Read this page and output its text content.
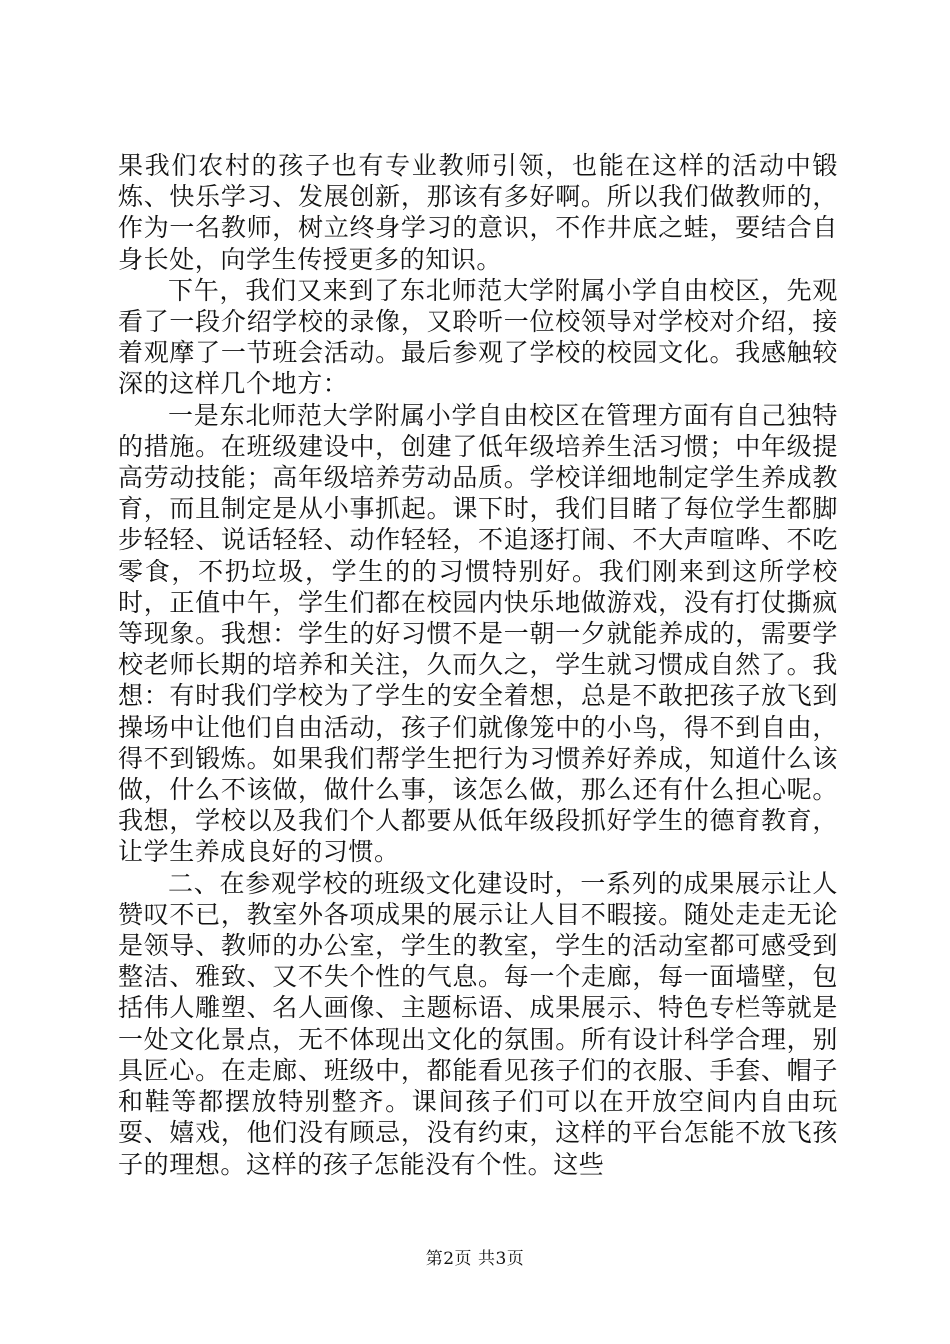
果我们农村的孩子也有专业教师引领，也能在这样的活动中锻炼、快乐学习、发展创新，那该有多好啊。所以我们做教师的，作为一名教师，树立终身学习的意识，不作井底之蛙，要结合自身长处，向学生传授更多的知识。

下午，我们又来到了东北师范大学附属小学自由校区，先观看了一段介绍学校的录像，又聆听一位校领导对学校对介绍，接着观摩了一节班会活动。最后参观了学校的校园文化。我感触较深的这样几个地方：

一是东北师范大学附属小学自由校区在管理方面有自己独特的措施。在班级建设中，创建了低年级培养生活习惯；中年级提高劳动技能；高年级培养劳动品质。学校详细地制定学生养成教育，而且制定是从小事抓起。课下时，我们目睹了每位学生都脚步轻轻、说话轻轻、动作轻轻，不追逐打闹、不大声喧哗、不吃零食，不扔垃圾，学生的的习惯特别好。我们刚来到这所学校时，正值中午，学生们都在校园内快乐地做游戏，没有打仗撕疯等现象。我想：学生的好习惯不是一朝一夕就能养成的，需要学校老师长期的培养和关注，久而久之，学生就习惯成自然了。我想：有时我们学校为了学生的安全着想，总是不敢把孩子放飞到操场中让他们自由活动，孩子们就像笼中的小鸟，得不到自由，得不到锻炼。如果我们帮学生把行为习惯养好养成，知道什么该做，什么不该做，做什么事，该怎么做，那么还有什么担心呢。我想，学校以及我们个人都要从低年级段抓好学生的德育教育，让学生养成良好的习惯。

二、在参观学校的班级文化建设时，一系列的成果展示让人赞叹不已，教室外各项成果的展示让人目不暇接。随处走走无论是领导、教师的办公室，学生的教室，学生的活动室都可感受到整洁、雅致、又不失个性的气息。每一个走廊，每一面墙壁，包括伟人雕塑、名人画像、主题标语、成果展示、特色专栏等就是一处文化景点，无不体现出文化的氛围。所有设计科学合理，别具匠心。在走廊、班级中，都能看见孩子们的衣服、手套、帽子和鞋等都摆放特别整齐。课间孩子们可以在开放空间内自由玩耍、嬉戏，他们没有顾忌，没有约束，这样的平台怎能不放飞孩子的理想。这样的孩子怎能没有个性。这些

第2页 共3页
